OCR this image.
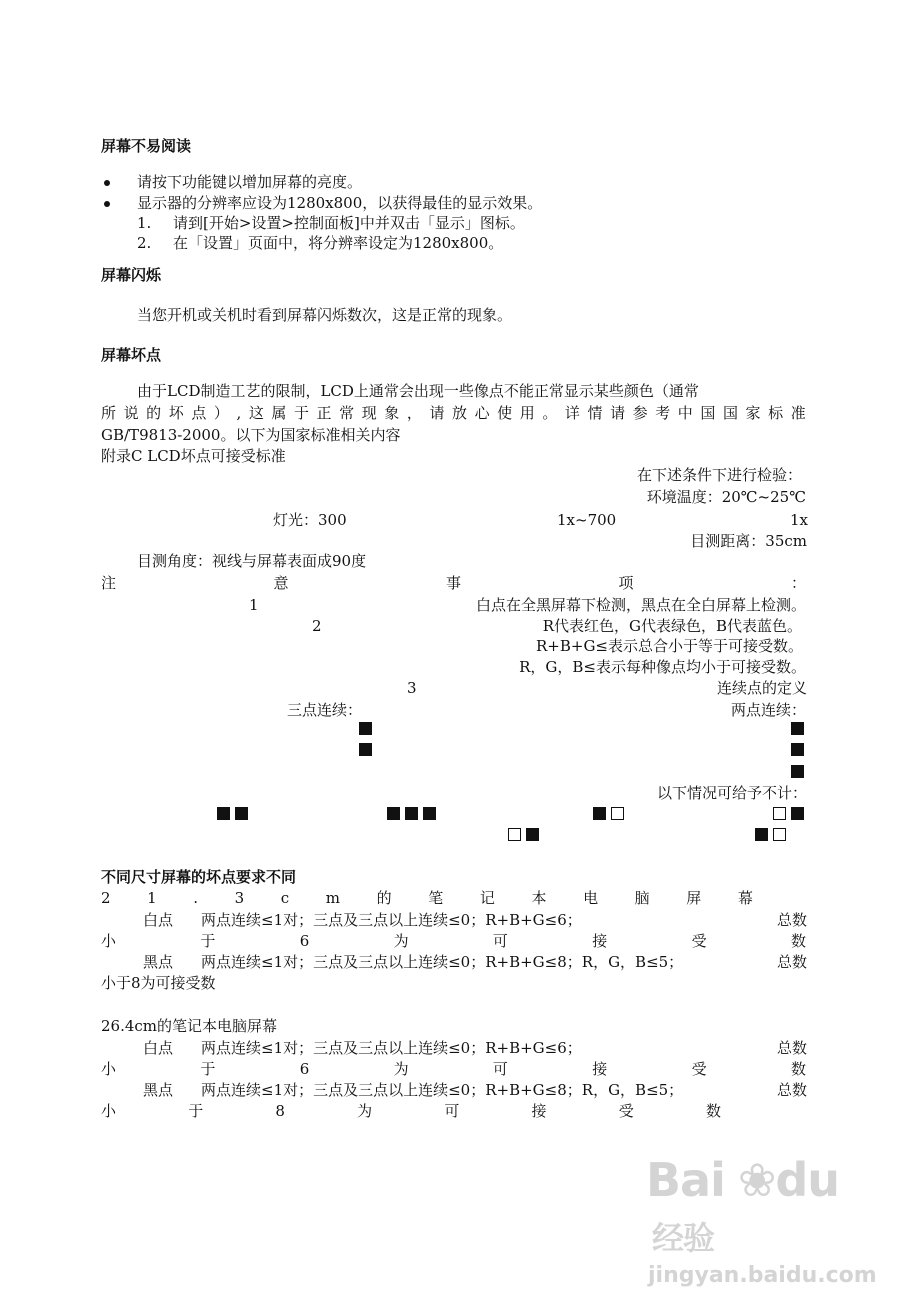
屏幕不易阅读
请按下功能键以增加屏幕的亮度。
显示器的分辨率应设为1280x800，以获得最佳的显示效果。
1. 请到[开始>设置>控制面板]中并双击「显示」图标。
2. 在「设置」页面中，将分辨率设定为1280x800。
屏幕闪烁
当您开机或关机时看到屏幕闪烁数次，这是正常的现象。
屏幕坏点
由于LCD制造工艺的限制，LCD上通常会出现一些像点不能正常显示某些颜色（通常
所 说 的 坏 点 ） , 这 属 于 正 常 现 象 ， 请 放 心 使 用 。 详 情 请 参 考 中 国 国 家 标 准
GB/T9813-2000。以下为国家标准相关内容
附录C LCD坏点可接受标准
在下述条件下进行检验：
环境温度：20℃~25℃
灯光：300	1x~700	1x
目测距离：35cm
目测角度：视线与屏幕表面成90度
注	意	事	项	：
1	白点在全黑屏幕下检测，黑点在全白屏幕上检测。
2	R代表红色，G代表绿色，B代表蓝色。
R+B+G≤表示总合小于等于可接受数。
R，G，B≤表示每种像点均小于可接受数。
3	连续点的定义
三点连续：	两点连续：
以下情况可给予不计：
不同尺寸屏幕的坏点要求不同
2 1 . 3 c m 的 笔 记 本 电 脑 屏 幕
白点 两点连续≤1对；三点及三点以上连续≤0；R+B+G≤6；	总数
小	于	6	为	可	接	受	数
黑点 两点连续≤1对；三点及三点以上连续≤0；R+B+G≤8；R，G，B≤5；	总数
小于8为可接受数
26.4cm的笔记本电脑屏幕
白点 两点连续≤1对；三点及三点以上连续≤0；R+B+G≤6；	总数
小	于	6	为	可	接	受	数
黑点 两点连续≤1对；三点及三点以上连续≤0；R+B+G≤8；R，G，B≤5；	总数
小	于	8	为	可	接	受	数
Bai ❀du经验
jingyan.baidu.com
